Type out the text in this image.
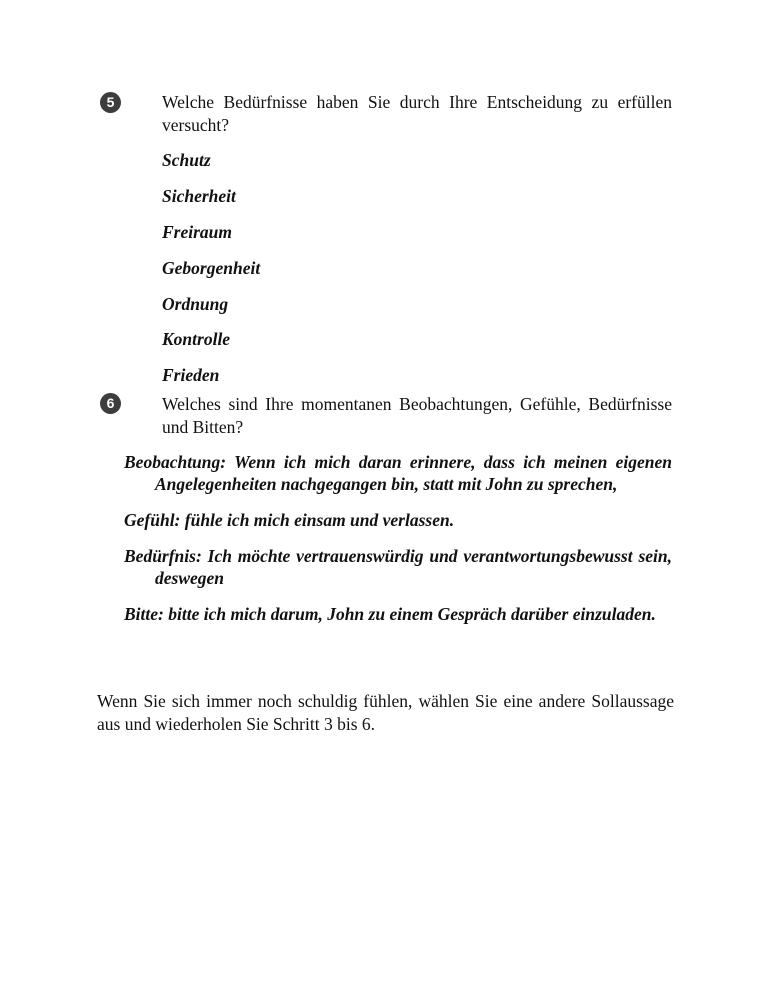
5	Welche Bedürfnisse haben Sie durch Ihre Entscheidung zu erfüllen versucht?

Schutz
Sicherheit
Freiraum
Geborgenheit
Ordnung
Kontrolle
Frieden
6	Welches sind Ihre momentanen Beobachtungen, Gefühle, Bedürfnisse und Bitten?

Beobachtung: Wenn ich mich daran erinnere, dass ich meinen eigenen Angelegenheiten nachgegangen bin, statt mit John zu sprechen,

Gefühl: fühle ich mich einsam und verlassen.

Bedürfnis: Ich möchte vertrauenswürdig und verantwortungsbewusst sein, deswegen

Bitte: bitte ich mich darum, John zu einem Gespräch darüber einzuladen.

Wenn Sie sich immer noch schuldig fühlen, wählen Sie eine andere Sollaussage aus und wiederholen Sie Schritt 3 bis 6.
